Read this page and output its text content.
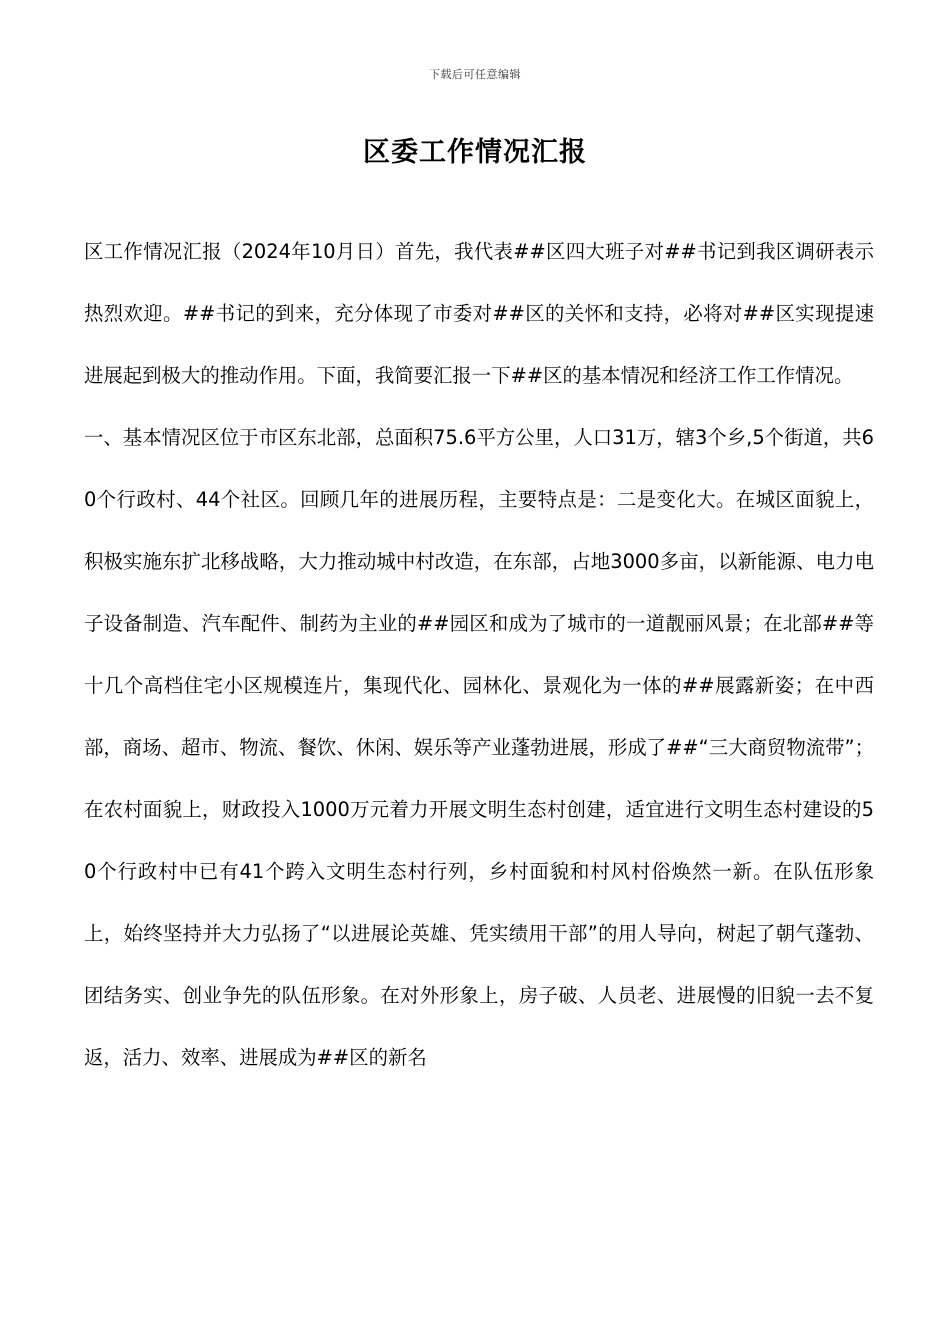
下载后可任意编辑
区委工作情况汇报

区工作情况汇报（2024年10月日）首先，我代表##区四大班子对##书记到我区调研表示热烈欢迎。##书记的到来，充分体现了市委对##区的关怀和支持，必将对##区实现提速进展起到极大的推动作用。下面，我简要汇报一下##区的基本情况和经济工作工作情况。

一、基本情况区位于市区东北部，总面积75.6平方公里，人口31万，辖3个乡,5个街道，共60个行政村、44个社区。回顾几年的进展历程，主要特点是：二是变化大。在城区面貌上，积极实施东扩北移战略，大力推动城中村改造，在东部，占地3000多亩，以新能源、电力电子设备制造、汽车配件、制药为主业的##园区和成为了城市的一道靓丽风景；在北部##等十几个高档住宅小区规模连片，集现代化、园林化、景观化为一体的##展露新姿；在中西部，商场、超市、物流、餐饮、休闲、娱乐等产业蓬勃进展，形成了##“三大商贸物流带”；在农村面貌上，财政投入1000万元着力开展文明生态村创建，适宜进行文明生态村建设的50个行政村中已有41个跨入文明生态村行列，乡村面貌和村风村俗焕然一新。在队伍形象上，始终坚持并大力弘扬了“以进展论英雄、凭实绩用干部”的用人导向，树起了朝气蓬勃、团结务实、创业争先的队伍形象。在对外形象上，房子破、人员老、进展慢的旧貌一去不复返，活力、效率、进展成为##区的新名
